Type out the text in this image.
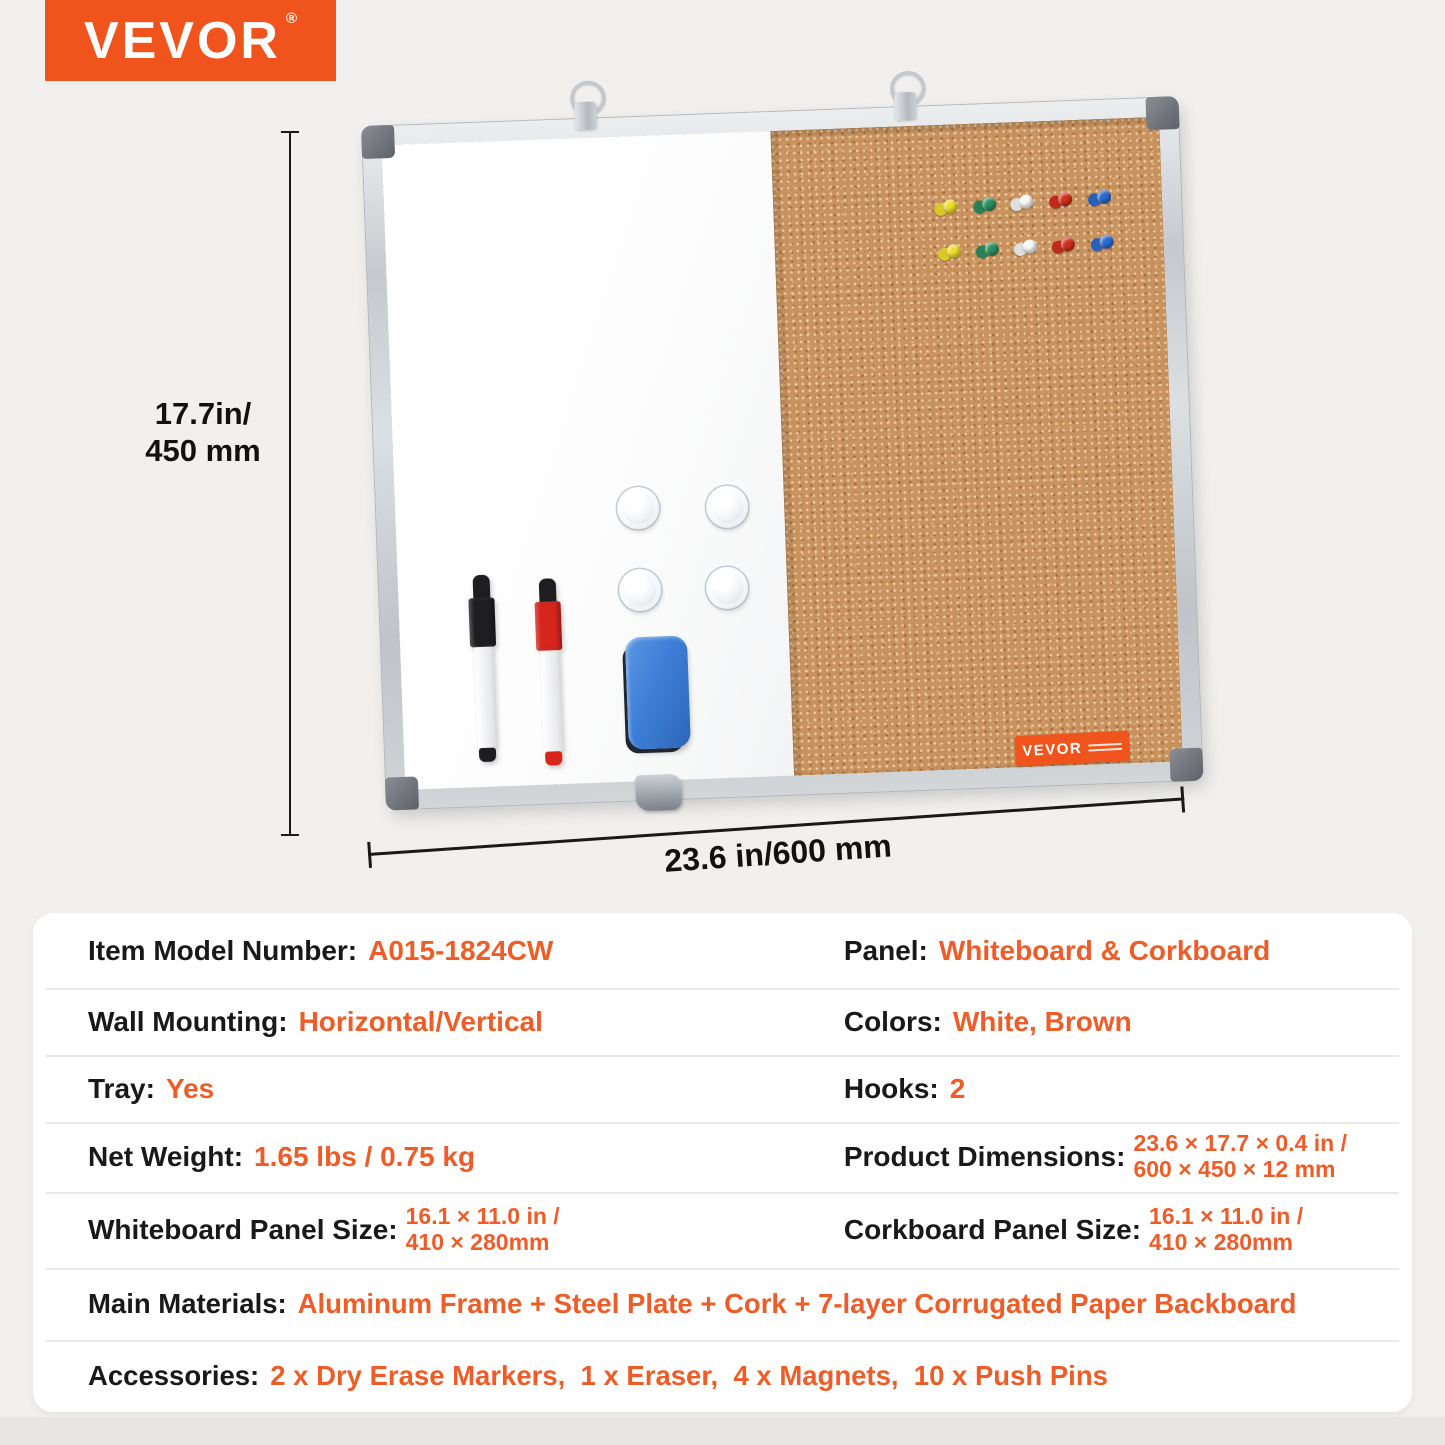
VEVOR ®
17.7in/
450 mm
VEVOR
23.6 in/600 mm
Item Model Number: A015-1824CW	Panel: Whiteboard & Corkboard
Wall Mounting: Horizontal/Vertical	Colors: White, Brown
Tray: Yes	Hooks: 2
Net Weight: 1.65 lbs / 0.75 kg	Product Dimensions: 23.6 × 17.7 × 0.4 in /
600 × 450 × 12 mm
Whiteboard Panel Size: 16.1 × 11.0 in /
410 × 280mm	Corkboard Panel Size: 16.1 × 11.0 in /
410 × 280mm
Main Materials: Aluminum Frame + Steel Plate + Cork + 7-layer Corrugated Paper Backboard
Accessories: 2 x Dry Erase Markers,  1 x Eraser,  4 x Magnets,  10 x Push Pins
